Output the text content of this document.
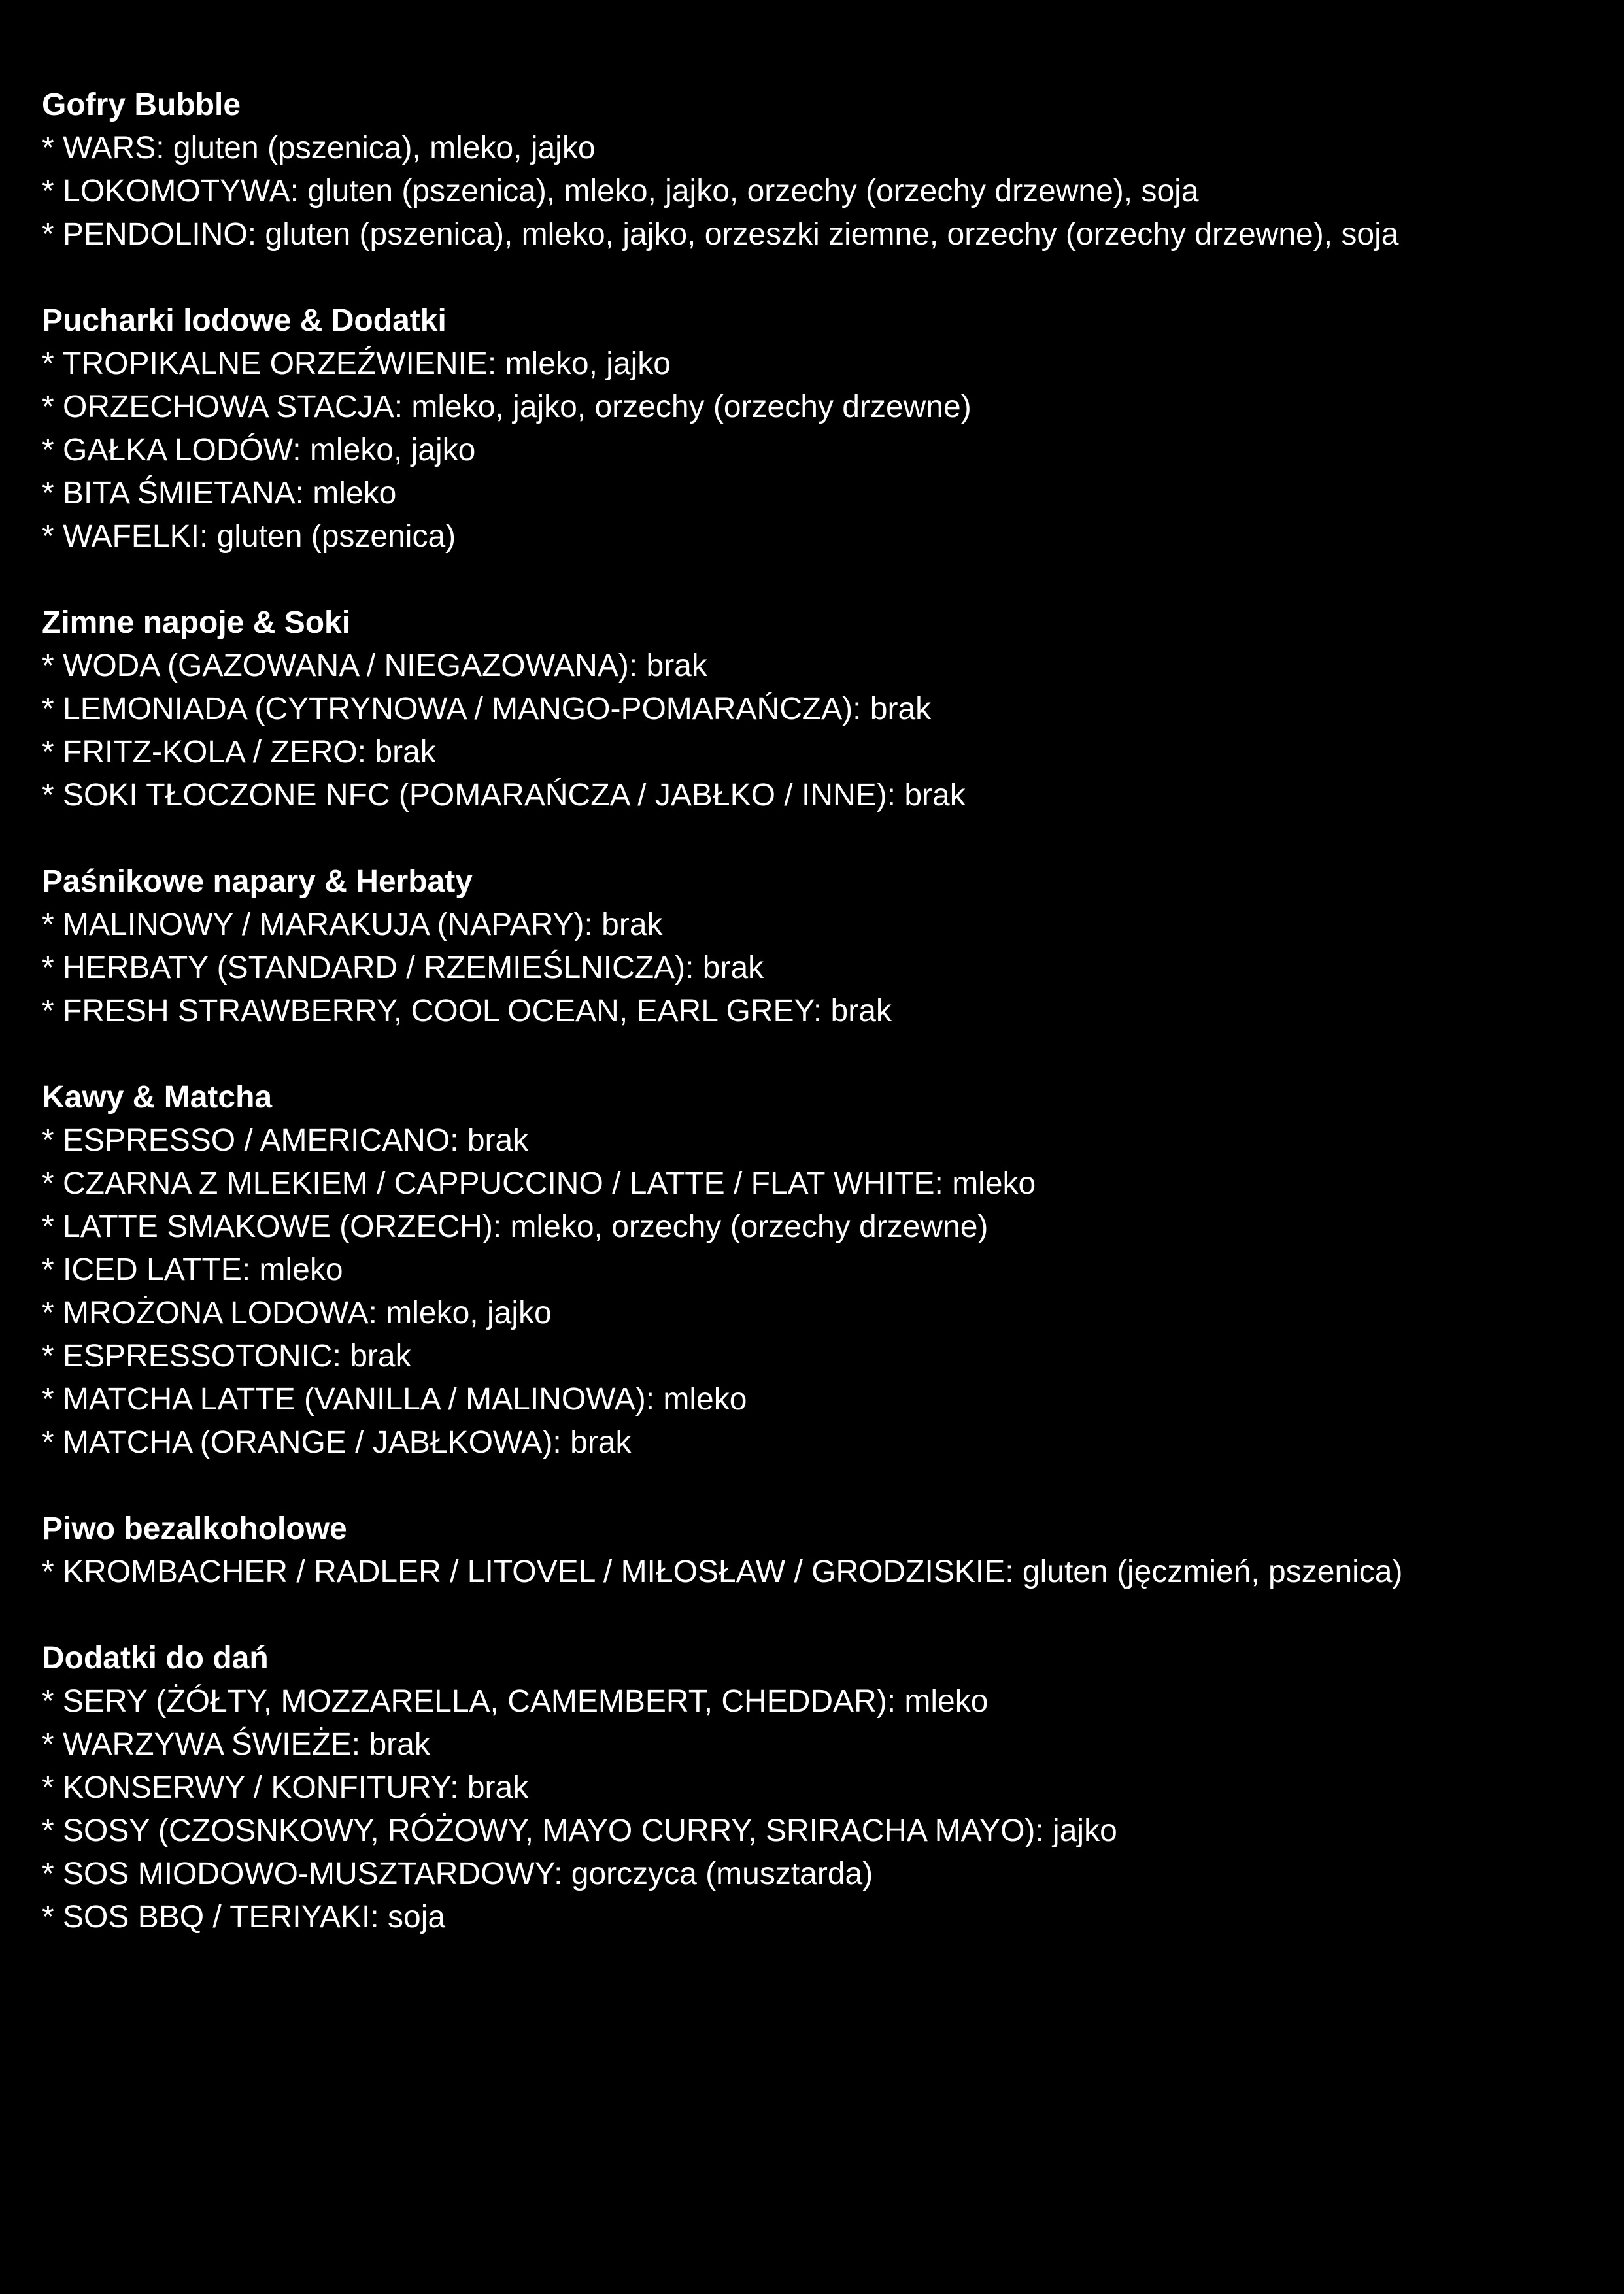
Gofry Bubble

* WARS: gluten (pszenica), mleko, jajko

* LOKOMOTYWA: gluten (pszenica), mleko, jajko, orzechy (orzechy drzewne), soja

* PENDOLINO: gluten (pszenica), mleko, jajko, orzeszki ziemne, orzechy (orzechy drzewne), soja

Pucharki lodowe & Dodatki

* TROPIKALNE ORZEŹWIENIE: mleko, jajko

* ORZECHOWA STACJA: mleko, jajko, orzechy (orzechy drzewne)

* GAŁKA LODÓW: mleko, jajko

* BITA ŚMIETANA: mleko

* WAFELKI: gluten (pszenica)

Zimne napoje & Soki

* WODA (GAZOWANA / NIEGAZOWANA): brak

* LEMONIADA (CYTRYNOWA / MANGO-POMARAŃCZA): brak

* FRITZ-KOLA / ZERO: brak

* SOKI TŁOCZONE NFC (POMARAŃCZA / JABŁKO / INNE): brak

Paśnikowe napary & Herbaty

* MALINOWY / MARAKUJA (NAPARY): brak

* HERBATY (STANDARD / RZEMIEŚLNICZA): brak

* FRESH STRAWBERRY, COOL OCEAN, EARL GREY: brak

Kawy & Matcha

* ESPRESSO / AMERICANO: brak

* CZARNA Z MLEKIEM / CAPPUCCINO / LATTE / FLAT WHITE: mleko

* LATTE SMAKOWE (ORZECH): mleko, orzechy (orzechy drzewne)

* ICED LATTE: mleko

* MROŻONA LODOWA: mleko, jajko

* ESPRESSOTONIC: brak

* MATCHA LATTE (VANILLA / MALINOWA): mleko

* MATCHA (ORANGE / JABŁKOWA): brak

Piwo bezalkoholowe

* KROMBACHER / RADLER / LITOVEL / MIŁOSŁAW / GRODZISKIE: gluten (jęczmień, pszenica)

Dodatki do dań

* SERY (ŻÓŁTY, MOZZARELLA, CAMEMBERT, CHEDDAR): mleko

* WARZYWA ŚWIEŻE: brak

* KONSERWY / KONFITURY: brak

* SOSY (CZOSNKOWY, RÓŻOWY, MAYO CURRY, SRIRACHA MAYO): jajko

* SOS MIODOWO-MUSZTARDOWY: gorczyca (musztarda)

* SOS BBQ / TERIYAKI: soja
